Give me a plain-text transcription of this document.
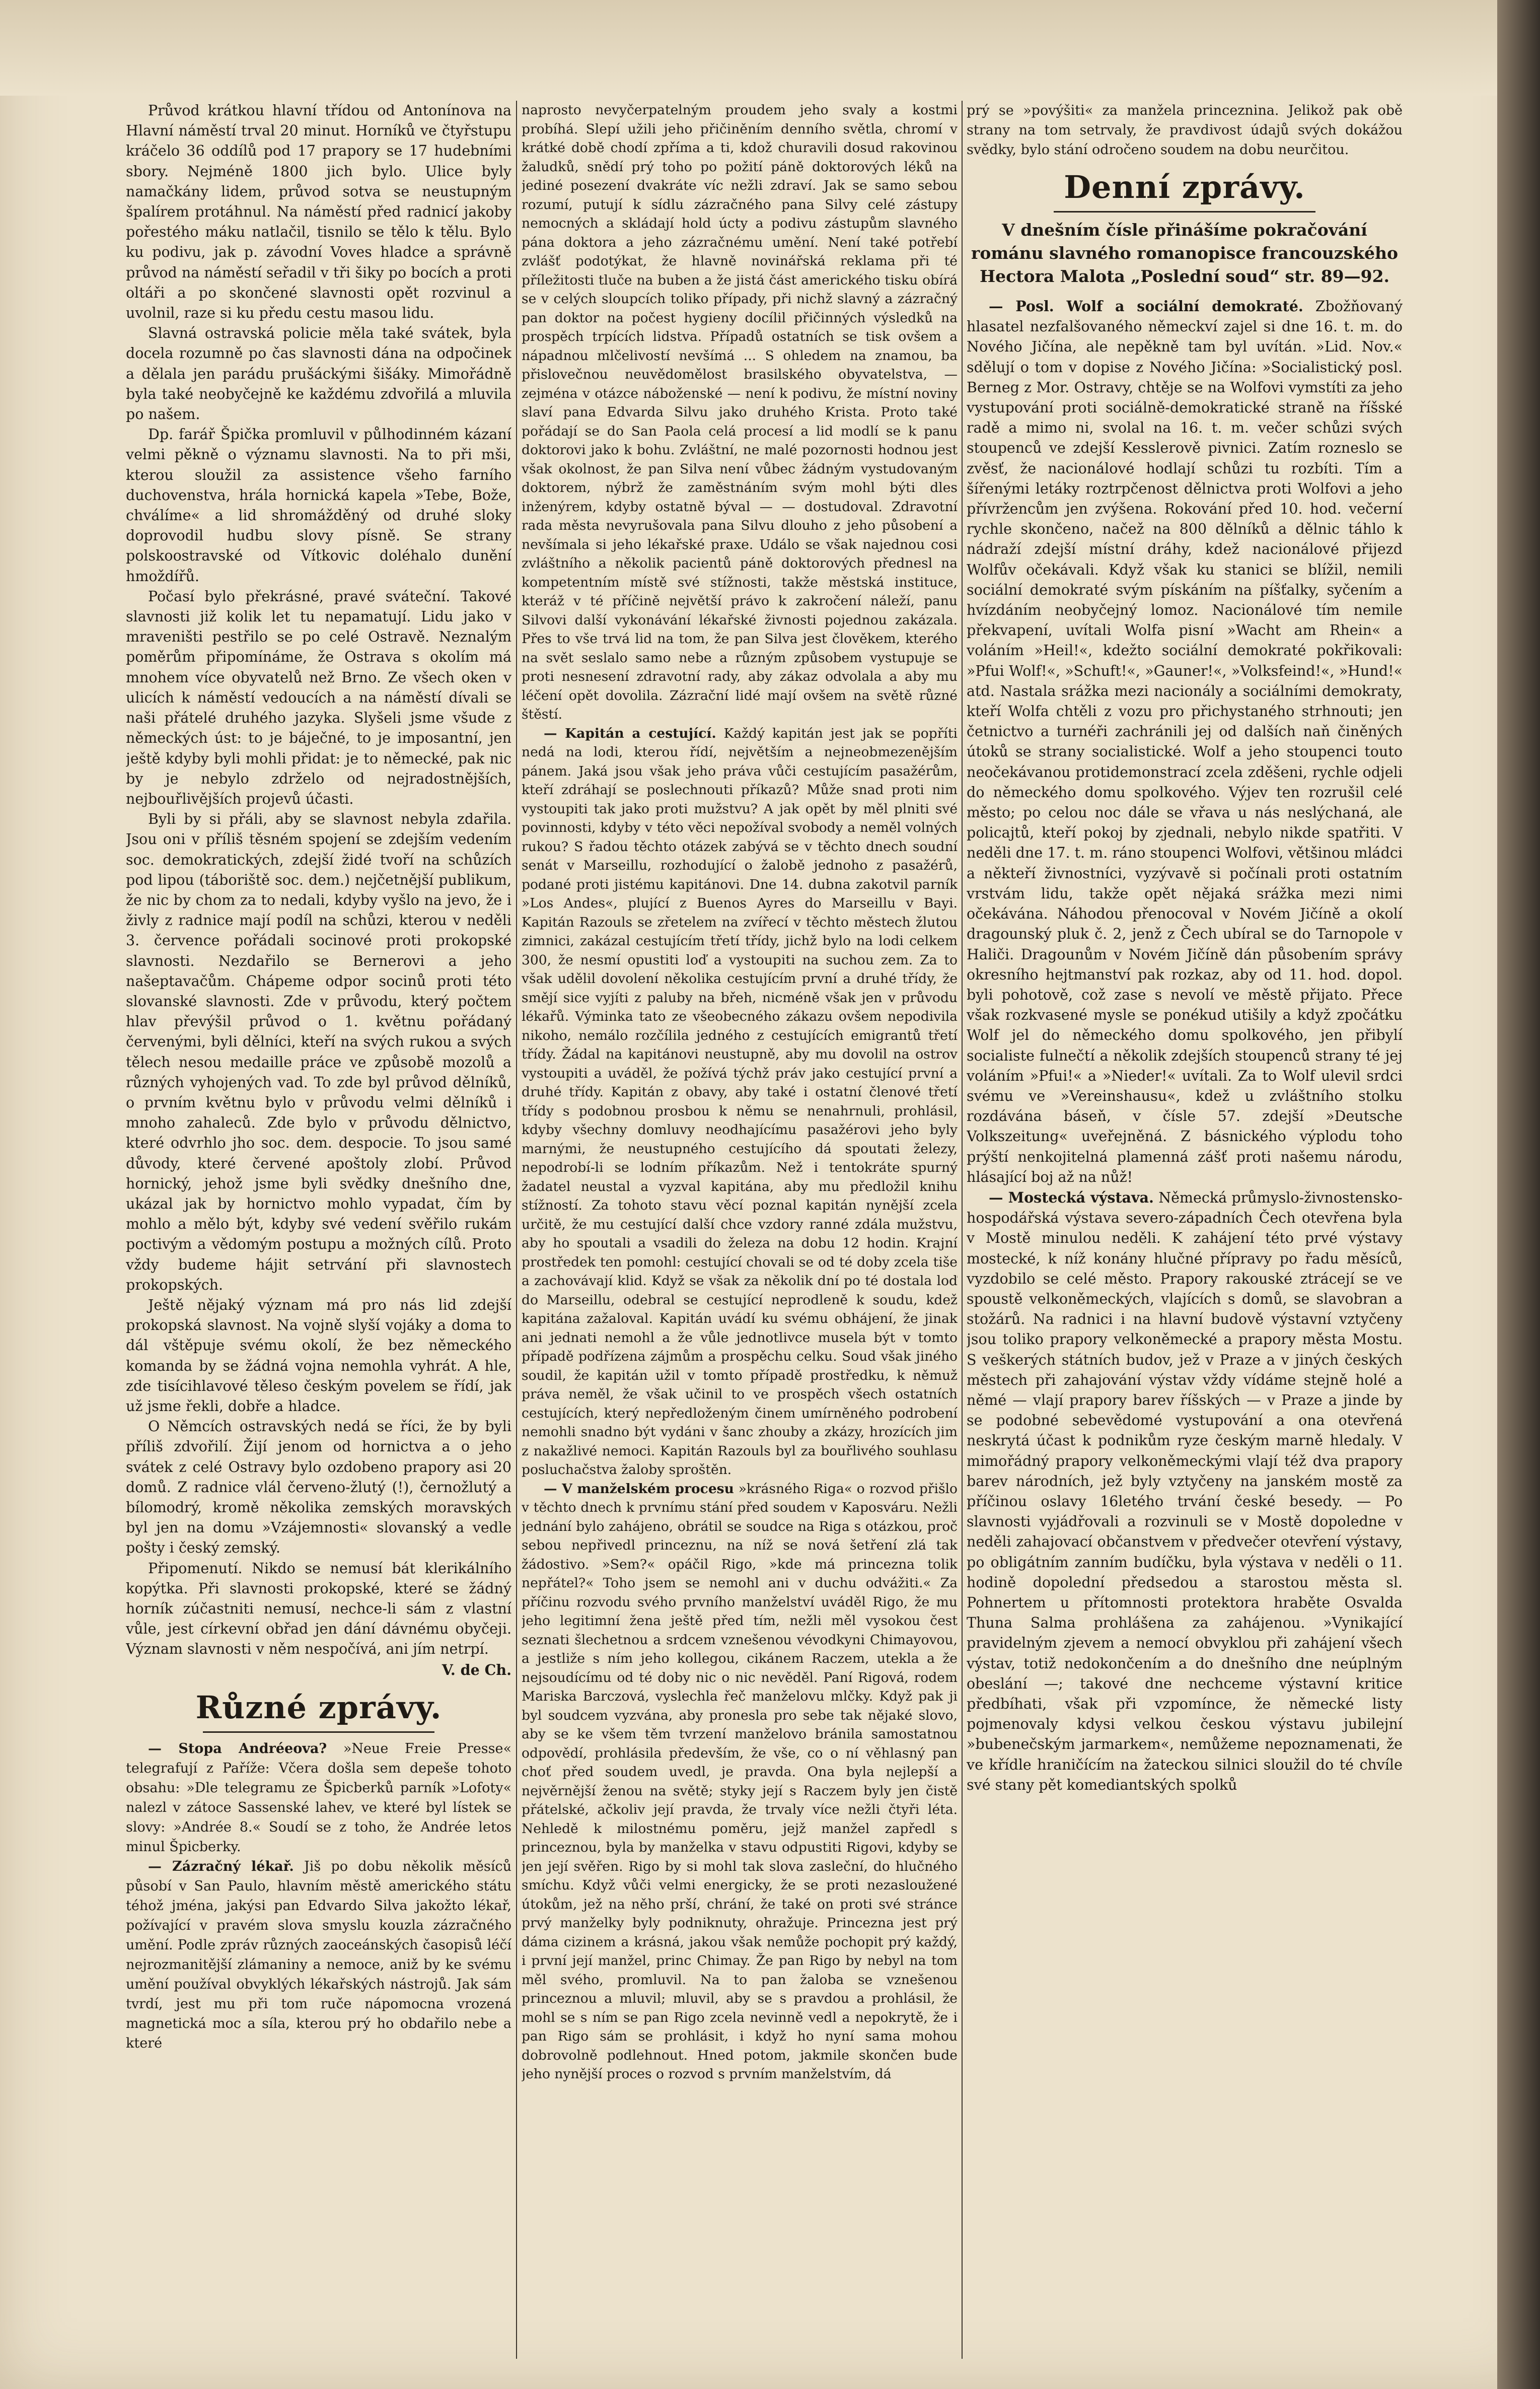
Průvod krátkou hlavní třídou od Antonínova na Hlavní náměstí trval 20 minut. Horníků ve čtyřstupu kráčelo 36 oddílů pod 17 prapory se 17 hudebními sbory. Nejméně 1800 jich bylo. Ulice byly namačkány lidem, průvod sotva se neustupným špalírem protáhnul. Na náměstí před radnicí jakoby pořestého máku natlačil, tisnilo se tělo k tělu. Bylo ku podivu, jak p. závodní Voves hladce a správně průvod na náměstí seřadil v tři šiky po bocích a proti oltáři a po skončené slavnosti opět rozvinul a uvolnil, raze si ku předu cestu masou lidu.

Slavná ostravská policie měla také svátek, byla docela rozumně po čas slavnosti dána na odpočinek a dělala jen parádu prušáckými šišáky. Mimořádně byla také neobyčejně ke každému zdvořilá a mluvila po našem.

Dp. farář Špička promluvil v půlhodinném kázaní velmi pěkně o významu slavnosti. Na to při mši, kterou sloužil za assistence všeho farního duchovenstva, hrála hornická kapela »Tebe, Bože, chválíme« a lid shromážděný od druhé sloky doprovodil hudbu slovy písně. Se strany polskoostravské od Vítkovic doléhalo dunění hmoždířů.

Počasí bylo překrásné, pravé sváteční. Takové slavnosti již kolik let tu nepamatují. Lidu jako v mraveništi pestřilo se po celé Ostravě. Neznalým poměrům připomínáme, že Ostrava s okolím má mnohem více obyvatelů než Brno. Ze všech oken v ulicích k náměstí vedoucích a na náměstí dívali se naši přátelé druhého jazyka. Slyšeli jsme všude z německých úst: to je báječné, to je imposantní, jen ještě kdyby byli mohli přidat: je to německé, pak nic by je nebylo zdrželo od nejradostnějších, nejbouřlivějších projevů účasti.

Byli by si přáli, aby se slavnost nebyla zdařila. Jsou oni v příliš těsném spojení se zdejším vedením soc. demokratických, zdejší židé tvoří na schůzích pod lipou (táboriště soc. dem.) nejčetnější publikum, že nic by chom za to nedali, kdyby vyšlo na jevo, že i živly z radnice mají podíl na schůzi, kterou v neděli 3. července pořádali socinové proti prokopské slavnosti. Nezdařilo se Bernerovi a jeho našeptavačům. Chápeme odpor socinů proti této slovanské slavnosti. Zde v průvodu, který počtem hlav převýšil průvod o 1. květnu pořádaný červenými, byli dělníci, kteří na svých rukou a svých tělech nesou medaille práce ve způsobě mozolů a různých vyhojených vad. To zde byl průvod dělníků, o prvním květnu bylo v průvodu velmi dělníků i mnoho zahaleců. Zde bylo v průvodu dělnictvo, které odvrhlo jho soc. dem. despocie. To jsou samé důvody, které červené apoštoly zlobí. Průvod hornický, jehož jsme byli svědky dnešního dne, ukázal jak by hornictvo mohlo vypadat, čím by mohlo a mělo být, kdyby své vedení svěřilo rukám poctivým a vědomým postupu a možných cílů. Proto vždy budeme hájit setrvání při slavnostech prokopských.

Ještě nějaký význam má pro nás lid zdejší prokopská slavnost. Na vojně slyší vojáky a doma to dál vštěpuje svému okolí, že bez německého komanda by se žádná vojna nemohla vyhrát. A hle, zde tisícihlavové těleso českým povelem se řídí, jak už jsme řekli, dobře a hladce.

O Němcích ostravských nedá se říci, že by byli příliš zdvořilí. Žijí jenom od hornictva a o jeho svátek z celé Ostravy bylo ozdobeno prapory asi 20 domů. Z radnice vlál červeno-žlutý (!), černožlutý a bílomodrý, kromě několika zemských moravských byl jen na domu »Vzájemnosti« slovanský a vedle pošty i český zemský.

Připomenutí. Nikdo se nemusí bát klerikálního kopýtka. Při slavnosti prokopské, které se žádný horník zúčastniti nemusí, nechce-li sám z vlastní vůle, jest církevní obřad jen dání dávnému obyčeji. Význam slavnosti v něm nespočívá, ani jím netrpí.

V. de Ch.

Různé zprávy.

— Stopa Andréeova? »Neue Freie Presse« telegrafují z Paříže: Včera došla sem depeše tohoto obsahu: »Dle telegramu ze Špicberků parník »Lofoty« nalezl v zátoce Sassenské lahev, ve které byl lístek se slovy: »Andrée 8.« Soudí se z toho, že Andrée letos minul Špicberky.

— Zázračný lékař. Jiš po dobu několik měsíců působí v San Paulo, hlavním městě amerického státu téhož jména, jakýsi pan Edvardo Silva jakožto lékař, požívající v pravém slova smyslu kouzla zázračného umění. Podle zpráv různých zaoceánských časopisů léčí nejrozmanitější zlámaniny a nemoce, aniž by ke svému umění používal obvyklých lékařských nástrojů. Jak sám tvrdí, jest mu při tom ruče nápomocna vrozená magnetická moc a síla, kterou prý ho obdařilo nebe a které

naprosto nevyčerpatelným proudem jeho svaly a kostmi probíhá. Slepí užili jeho přičiněním denního světla, chromí v krátké době chodí zpříma a ti, kdož churavili dosud rakovinou žaludků, snědí prý toho po požití páně doktorových léků na jediné posezení dvakráte víc nežli zdraví. Jak se samo sebou rozumí, putují k sídlu zázračného pana Silvy celé zástupy nemocných a skládají hold úcty a podivu zástupům slavného pána doktora a jeho zázračnému umění. Není také potřebí zvlášť podotýkat, že hlavně novinářská reklama při té příležitosti tluče na buben a že jistá část amerického tisku obírá se v celých sloupcích toliko případy, při nichž slavný a zázračný pan doktor na počest hygieny docílil přičinných výsledků na prospěch trpících lidstva. Případů ostatních se tisk ovšem a nápadnou mlčelivostí nevšímá ... S ohledem na znamou, ba přislovečnou neuvědomělost brasilského obyvatelstva, — zejména v otázce náboženské — není k podivu, že místní noviny slaví pana Edvarda Silvu jako druhého Krista. Proto také pořádají se do San Paola celá procesí a lid modlí se k panu doktorovi jako k bohu. Zvláštní, ne malé pozornosti hodnou jest však okolnost, že pan Silva není vůbec žádným vystudovaným doktorem, nýbrž že zaměstnáním svým mohl býti dles inženýrem, kdyby ostatně býval — — dostudoval. Zdravotní rada města nevyrušovala pana Silvu dlouho z jeho působení a nevšímala si jeho lékařské praxe. Událo se však najednou cosi zvláštního a několik pacientů páně doktorových přednesl na kompetentním místě své stížnosti, takže městská instituce, kteráž v té příčině největší právo k zakročení náleží, panu Silvovi další vykonávání lékařské živnosti pojednou zakázala. Přes to vše trvá lid na tom, že pan Silva jest člověkem, kterého na svět seslalo samo nebe a různým způsobem vystupuje se proti nesnesení zdravotní rady, aby zákaz odvolala a aby mu léčení opět dovolila. Zázrační lidé mají ovšem na světě různé štěstí.

— Kapitán a cestující. Každý kapitán jest jak se popříti nedá na lodi, kterou řídí, největším a nejneobmezenějším pánem. Jaká jsou však jeho práva vůči cestujícím pasažérům, kteří zdráhají se poslechnouti příkazů? Může snad proti nim vystoupiti tak jako proti mužstvu? A jak opět by měl plniti své povinnosti, kdyby v této věci nepožíval svobody a neměl volných rukou? S řadou těchto otázek zabývá se v těchto dnech soudní senát v Marseillu, rozhodující o žalobě jednoho z pasažérů, podané proti jistému kapitánovi. Dne 14. dubna zakotvil parník »Los Andes«, plující z Buenos Ayres do Marseillu v Bayi. Kapitán Razouls se zřetelem na zvířecí v těchto městech žlutou zimnici, zakázal cestujícím třetí třídy, jichž bylo na lodi celkem 300, že nesmí opustiti loď a vystoupiti na suchou zem. Za to však udělil dovolení několika cestujícím první a druhé třídy, že smějí sice vyjíti z paluby na břeh, nicméně však jen v průvodu lékařů. Výminka tato ze všeobecného zákazu ovšem nepodivila nikoho, nemálo rozčílila jedného z cestujících emigrantů třetí třídy. Žádal na kapitánovi neustupně, aby mu dovolil na ostrov vystoupiti a uváděl, že požívá týchž práv jako cestující první a druhé třídy. Kapitán z obavy, aby také i ostatní členové třetí třídy s podobnou prosbou k němu se nenahrnuli, prohlásil, kdyby všechny domluvy neodhajícímu pasažérovi jeho byly marnými, že neustupného cestujícího dá spoutati železy, nepodrobí-li se lodním příkazům. Než i tentokráte spurný žadatel neustal a vyzval kapitána, aby mu předložil knihu stížností. Za tohoto stavu věcí poznal kapitán nynější zcela určitě, že mu cestující další chce vzdory ranné zdála mužstvu, aby ho spoutali a vsadili do železa na dobu 12 hodin. Krajní prostředek ten pomohl: cestující chovali se od té doby zcela tiše a zachovávají klid. Když se však za několik dní po té dostala loď do Marseillu, odebral se cestující neprodleně k soudu, kdež kapitána zažaloval. Kapitán uvádí ku svému obhájení, že jinak ani jednati nemohl a že vůle jednotlivce musela být v tomto případě podřízena zájmům a prospěchu celku. Soud však jiného soudil, že kapitán užil v tomto případě prostředku, k němuž práva neměl, že však učinil to ve prospěch všech ostatních cestujících, který nepředloženým činem umírněného podrobení nemohli snadno být vydáni v šanc zhouby a zkázy, hrozících jim z nakažlivé nemoci. Kapitán Razouls byl za bouřlivého souhlasu posluchačstva žaloby sproštěn.

— V manželském procesu »krásného Riga« o rozvod přišlo v těchto dnech k prvnímu stání před soudem v Kaposváru. Nežli jednání bylo zahájeno, obrátil se soudce na Riga s otázkou, proč sebou nepřivedl princeznu, na níž se nová šetření zlá tak žádostivo. »Sem?« opáčil Rigo, »kde má princezna tolik nepřátel?« Toho jsem se nemohl ani v duchu odvážiti.« Za příčinu rozvodu svého prvního manželství uváděl Rigo, že mu jeho legitimní žena ještě před tím, nežli měl vysokou čest seznati šlechetnou a srdcem vznešenou vévodkyni Chimayovou, a jestliže s ním jeho kollegou, cikánem Raczem, utekla a že nejsoudícímu od té doby nic o nic nevěděl. Paní Rigová, rodem Mariska Barczová, vyslechla řeč manželovu mlčky. Když pak ji byl soudcem vyzvána, aby pronesla pro sebe tak nějaké slovo, aby se ke všem těm tvrzení manželovo bránila samostatnou odpovědí, prohlásila především, že vše, co o ní věhlasný pan choť před soudem uvedl, je pravda. Ona byla nejlepší a nejvěrnější ženou na světě; styky její s Raczem byly jen čistě přátelské, ačkoliv její pravda, že trvaly více nežli čtyři léta. Nehledě k milostnému poměru, jejž manžel zapředl s princeznou, byla by manželka v stavu odpustiti Rigovi, kdyby se jen její svěřen. Rigo by si mohl tak slova zasleční, do hlučného smíchu. Když vůči velmi energicky, že se proti nezasloužené útokům, jež na něho prší, chrání, že také on proti své stránce prvý manželky byly podniknuty, ohražuje. Princezna jest prý dáma cizinem a krásná, jakou však nemůže pochopit prý každý, i první její manžel, princ Chimay. Že pan Rigo by nebyl na tom měl svého, promluvil. Na to pan žaloba se vznešenou princeznou a mluvil; mluvil, aby se s pravdou a prohlásil, že mohl se s ním se pan Rigo zcela nevinně vedl a nepokrytě, že i pan Rigo sám se prohlásit, i když ho nyní sama mohou dobrovolně podlehnout. Hned potom, jakmile skončen bude jeho nynější proces o rozvod s prvním manželstvím, dá

prý se »povýšiti« za manžela princeznina. Jelikož pak obě strany na tom setrvaly, že pravdivost údajů svých dokážou svědky, bylo stání odročeno soudem na dobu neurčitou.

Denní zprávy.

V dnešním čísle přinášíme pokračování románu slavného romanopisce francouzského Hectora Malota „Poslední soud“ str. 89—92.

— Posl. Wolf a sociální demokraté. Zbožňovaný hlasatel nezfalšovaného německví zajel si dne 16. t. m. do Nového Jičína, ale nepěkně tam byl uvítán. »Lid. Nov.« sdělují o tom v dopise z Nového Jičína: »Socialistický posl. Berneg z Mor. Ostravy, chtěje se na Wolfovi vymstíti za jeho vystupování proti sociálně-demokratické straně na říšské radě a mimo ni, svolal na 16. t. m. večer schůzi svých stoupenců ve zdejší Kesslerově pivnici. Zatím rozneslo se zvěsť, že nacionálové hodlají schůzi tu rozbíti. Tím a šířenými letáky roztrpčenost dělnictva proti Wolfovi a jeho přívržencům jen zvýšena. Rokování před 10. hod. večerní rychle skončeno, načež na 800 dělníků a dělnic táhlo k nádraží zdejší místní dráhy, kdež nacionálové přijezd Wolfův očekávali. Když však ku stanici se blížil, nemili sociální demokraté svým pískáním na píšťalky, syčením a hvízdáním neobyčejný lomoz. Nacionálové tím nemile překvapení, uvítali Wolfa pisní »Wacht am Rhein« a voláním »Heil!«, kdežto sociální demokraté pokřikovali: »Pfui Wolf!«, »Schuft!«, »Gauner!«, »Volksfeind!«, »Hund!« atd. Nastala srážka mezi nacionály a sociálními demokraty, kteří Wolfa chtěli z vozu pro přichystaného strhnouti; jen četnictvo a turnéři zachránili jej od dalších naň činěných útoků se strany socialistické. Wolf a jeho stoupenci touto neočekávanou protidemonstrací zcela zděšeni, rychle odjeli do německého domu spolkového. Výjev ten rozrušil celé město; po celou noc dále se vřava u nás neslýchaná, ale policajtů, kteří pokoj by zjednali, nebylo nikde spatřiti. V neděli dne 17. t. m. ráno stoupenci Wolfovi, většinou mládci a někteří živnostníci, vyzývavě si počínali proti ostatním vrstvám lidu, takže opět nějaká srážka mezi nimi očekávána. Náhodou přenocoval v Novém Jičíně a okolí dragounský pluk č. 2, jenž z Čech ubíral se do Tarnopole v Haliči. Dragounům v Novém Jičíně dán působením správy okresního hejtmanství pak rozkaz, aby od 11. hod. dopol. byli pohotově, což zase s nevolí ve městě přijato. Přece však rozkvasené mysle se ponékud utišily a když zpočátku Wolf jel do německého domu spolkového, jen přibylí socialiste fulnečtí a několik zdejších stoupenců strany té jej voláním »Pfui!« a »Nieder!« uvítali. Za to Wolf ulevil srdci svému ve »Vereinshausu«, kdež u zvláštního stolku rozdávána báseň, v čísle 57. zdejší »Deutsche Volkszeitung« uveřejněná. Z básnického výplodu toho prýští nenkojitelná plamenná zášť proti našemu národu, hlásající boj až na nůž!

— Mostecká výstava. Německá průmyslo-živnostensko-hospodářská výstava severo-západních Čech otevřena byla v Mostě minulou neděli. K zahájení této prvé výstavy mostecké, k níž konány hlučné přípravy po řadu měsíců, vyzdobilo se celé město. Prapory rakouské ztrácejí se ve spoustě velkoněmeckých, vlajících s domů, se slavobran a stožárů. Na radnici i na hlavní budově výstavní vztyčeny jsou toliko prapory velkoněmecké a prapory města Mostu. S veškerých státních budov, jež v Praze a v jiných českých městech při zahajování výstav vždy vídáme stejně holé a němé — vlají prapory barev říšských — v Praze a jinde by se podobné sebevědomé vystupování a ona otevřená neskrytá účast k podnikům ryze českým marně hledaly. V mimořádný prapory velkoněmeckými vlají též dva prapory barev národních, jež byly vztyčeny na janském mostě za příčinou oslavy 16letého trvání české besedy. — Po slavnosti vyjádřovali a rozvinuli se v Mostě dopoledne v neděli zahajovací občanstvem v předvečer otevření výstavy, po obligátním zanním budíčku, byla výstava v neděli o 11. hodině dopolední předsedou a starostou města sl. Pohnertem u přítomnosti protektora hraběte Osvalda Thuna Salma prohlášena za zahájenou. »Vynikající pravidelným zjevem a nemocí obvyklou při zahájení všech výstav, totiž nedokončením a do dnešního dne neúplným obeslání —; takové dne nechceme výstavní kritice předbíhati, však při vzpomínce, že německé listy pojmenovaly kdysi velkou českou výstavu jubilejní »bubenečským jarmarkem«, nemůžeme nepoznamenati, že ve křídle hraničícím na žateckou silnici sloužil do té chvíle své stany pět komediantských spolků
